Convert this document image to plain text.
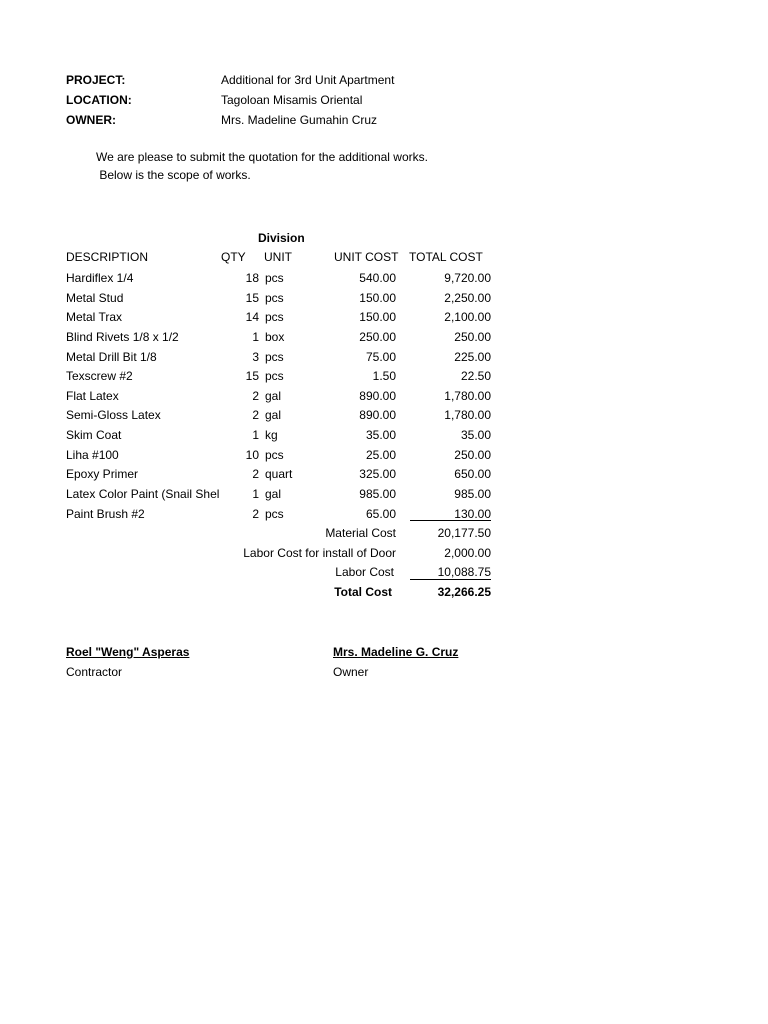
PROJECT:	Additional for 3rd Unit Apartment
LOCATION:	Tagoloan Misamis Oriental
OWNER:	Mrs. Madeline Gumahin Cruz
We are please to submit the quotation for the additional works.
Below is the scope of works.
Division
DESCRIPTION	QTY UNIT	UNIT COST TOTAL COST
Hardiflex 1/4	18 pcs	540.00	9,720.00
Metal Stud	15 pcs	150.00	2,250.00
Metal Trax	14 pcs	150.00	2,100.00
Blind Rivets 1/8 x 1/2	1 box	250.00	250.00
Metal Drill Bit 1/8	3 pcs	75.00	225.00
Texscrew #2	15 pcs	1.50	22.50
Flat Latex	2 gal	890.00	1,780.00
Semi-Gloss Latex	2 gal	890.00	1,780.00
Skim Coat	1 kg	35.00	35.00
Liha #100	10 pcs	25.00	250.00
Epoxy Primer	2 quart	325.00	650.00
Latex Color Paint (Snail Shel	1 gal	985.00	985.00
Paint Brush #2	2 pcs	65.00	130.00
Material Cost	20,177.50
Labor Cost for install of Door	2,000.00
Labor Cost	10,088.75
Total Cost	32,266.25
Roel "Weng" Asperas
Contractor
Mrs. Madeline G. Cruz
Owner
